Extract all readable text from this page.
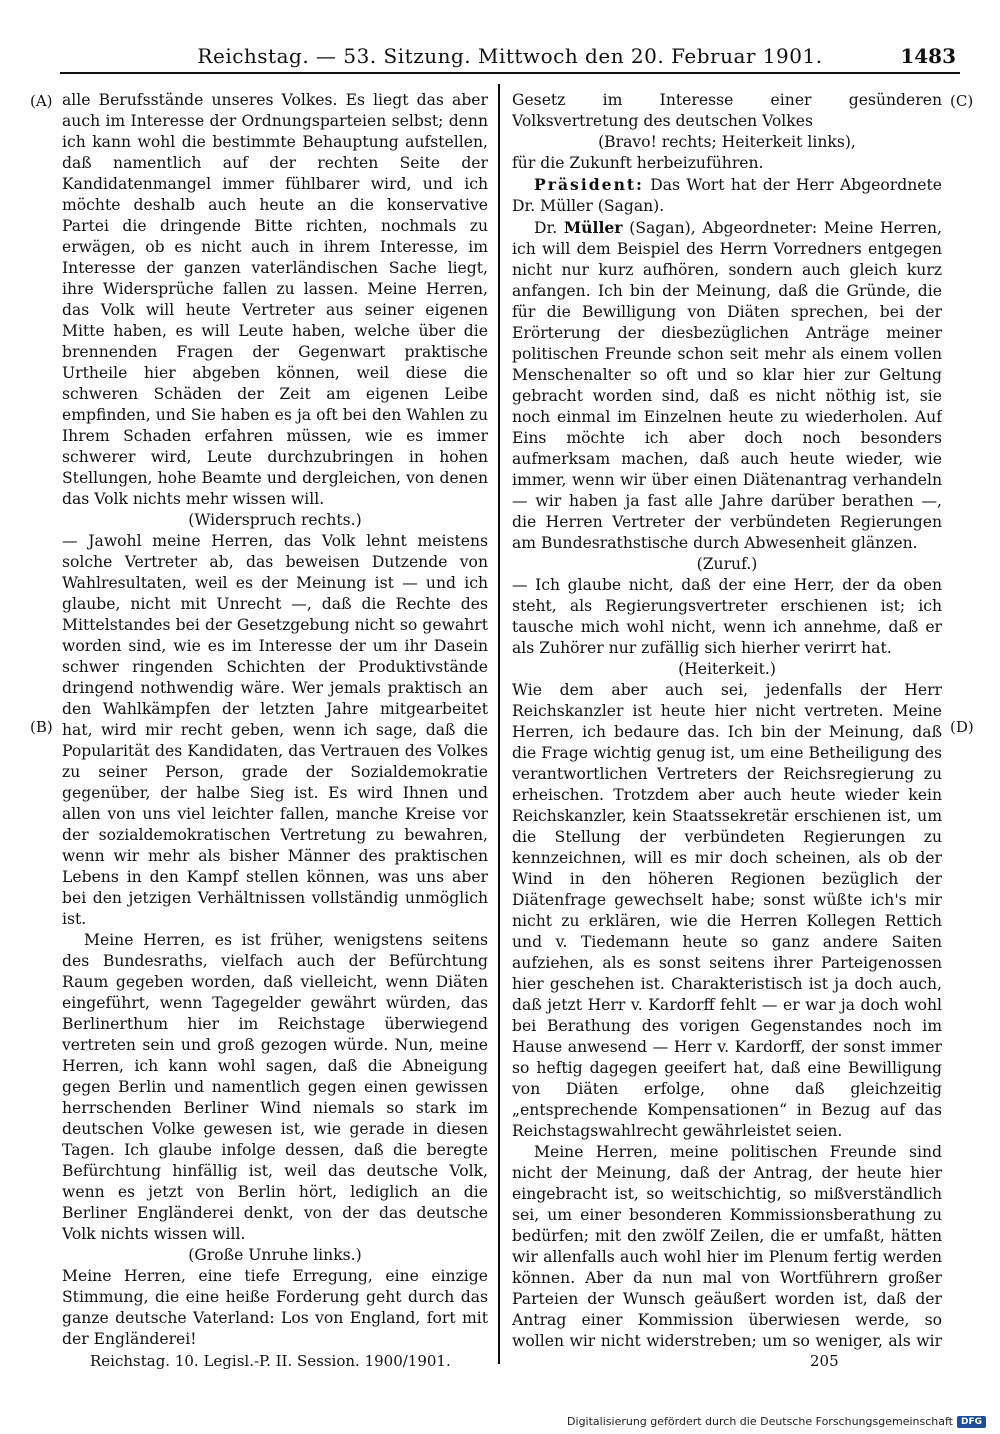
Reichstag. — 53. Sitzung. Mittwoch den 20. Februar 1901.	1483
(A)
(B)
(C)
(D)

alle Berufsstände unseres Volkes. Es liegt das aber auch im Interesse der Ordnungsparteien selbst; denn ich kann wohl die bestimmte Behauptung aufstellen, daß namentlich auf der rechten Seite der Kandidatenmangel immer fühlbarer wird, und ich möchte deshalb auch heute an die konservative Partei die dringende Bitte richten, nochmals zu erwägen, ob es nicht auch in ihrem Interesse, im Interesse der ganzen vaterländischen Sache liegt, ihre Widersprüche fallen zu lassen. Meine Herren, das Volk will heute Vertreter aus seiner eigenen Mitte haben, es will Leute haben, welche über die brennenden Fragen der Gegenwart praktische Urtheile hier abgeben können, weil diese die schweren Schäden der Zeit am eigenen Leibe empfinden, und Sie haben es ja oft bei den Wahlen zu Ihrem Schaden erfahren müssen, wie es immer schwerer wird, Leute durchzubringen in hohen Stellungen, hohe Beamte und dergleichen, von denen das Volk nichts mehr wissen will.

(Widerspruch rechts.)

— Jawohl meine Herren, das Volk lehnt meistens solche Vertreter ab, das beweisen Dutzende von Wahlresultaten, weil es der Meinung ist — und ich glaube, nicht mit Unrecht —, daß die Rechte des Mittelstandes bei der Gesetzgebung nicht so gewahrt worden sind, wie es im Interesse der um ihr Dasein schwer ringenden Schichten der Produktivstände dringend nothwendig wäre. Wer jemals praktisch an den Wahlkämpfen der letzten Jahre mitgearbeitet hat, wird mir recht geben, wenn ich sage, daß die Popularität des Kandidaten, das Vertrauen des Volkes zu seiner Person, grade der Sozialdemokratie gegenüber, der halbe Sieg ist. Es wird Ihnen und allen von uns viel leichter fallen, manche Kreise vor der sozialdemokratischen Vertretung zu bewahren, wenn wir mehr als bisher Männer des praktischen Lebens in den Kampf stellen können, was uns aber bei den jetzigen Verhältnissen vollständig unmöglich ist.

Meine Herren, es ist früher, wenigstens seitens des Bundesraths, vielfach auch der Befürchtung Raum gegeben worden, daß vielleicht, wenn Diäten eingeführt, wenn Tagegelder gewährt würden, das Berlinerthum hier im Reichstage überwiegend vertreten sein und groß gezogen würde. Nun, meine Herren, ich kann wohl sagen, daß die Abneigung gegen Berlin und namentlich gegen einen gewissen herrschenden Berliner Wind niemals so stark im deutschen Volke gewesen ist, wie gerade in diesen Tagen. Ich glaube infolge dessen, daß die beregte Befürchtung hinfällig ist, weil das deutsche Volk, wenn es jetzt von Berlin hört, lediglich an die Berliner Engländerei denkt, von der das deutsche Volk nichts wissen will.

(Große Unruhe links.)

Meine Herren, eine tiefe Erregung, eine einzige Stimmung, die eine heiße Forderung geht durch das ganze deutsche Vaterland: Los von England, fort mit der Engländerei!

Gesetz im Interesse einer gesünderen Volksvertretung des deutschen Volkes

(Bravo! rechts; Heiterkeit links),

für die Zukunft herbeizuführen.

Präsident: Das Wort hat der Herr Abgeordnete Dr. Müller (Sagan).

Dr. Müller (Sagan), Abgeordneter: Meine Herren, ich will dem Beispiel des Herrn Vorredners entgegen nicht nur kurz aufhören, sondern auch gleich kurz anfangen. Ich bin der Meinung, daß die Gründe, die für die Bewilligung von Diäten sprechen, bei der Erörterung der diesbezüglichen Anträge meiner politischen Freunde schon seit mehr als einem vollen Menschenalter so oft und so klar hier zur Geltung gebracht worden sind, daß es nicht nöthig ist, sie noch einmal im Einzelnen heute zu wiederholen. Auf Eins möchte ich aber doch noch besonders aufmerksam machen, daß auch heute wieder, wie immer, wenn wir über einen Diätenantrag verhandeln — wir haben ja fast alle Jahre darüber berathen —, die Herren Vertreter der verbündeten Regierungen am Bundesrathstische durch Abwesenheit glänzen.

(Zuruf.)

— Ich glaube nicht, daß der eine Herr, der da oben steht, als Regierungsvertreter erschienen ist; ich tausche mich wohl nicht, wenn ich annehme, daß er als Zuhörer nur zufällig sich hierher verirrt hat.

(Heiterkeit.)

Wie dem aber auch sei, jedenfalls der Herr Reichskanzler ist heute hier nicht vertreten. Meine Herren, ich bedaure das. Ich bin der Meinung, daß die Frage wichtig genug ist, um eine Betheiligung des verantwortlichen Vertreters der Reichsregierung zu erheischen. Trotzdem aber auch heute wieder kein Reichskanzler, kein Staatssekretär erschienen ist, um die Stellung der verbündeten Regierungen zu kennzeichnen, will es mir doch scheinen, als ob der Wind in den höheren Regionen bezüglich der Diätenfrage gewechselt habe; sonst wüßte ich's mir nicht zu erklären, wie die Herren Kollegen Rettich und v. Tiedemann heute so ganz andere Saiten aufziehen, als es sonst seitens ihrer Parteigenossen hier geschehen ist. Charakteristisch ist ja doch auch, daß jetzt Herr v. Kardorff fehlt — er war ja doch wohl bei Berathung des vorigen Gegenstandes noch im Hause anwesend — Herr v. Kardorff, der sonst immer so heftig dagegen geeifert hat, daß eine Bewilligung von Diäten erfolge, ohne daß gleichzeitig „entsprechende Kompensationen“ in Bezug auf das Reichstagswahlrecht gewährleistet seien.

Meine Herren, meine politischen Freunde sind nicht der Meinung, daß der Antrag, der heute hier eingebracht ist, so weitschichtig, so mißverständlich sei, um einer besonderen Kommissionsberathung zu bedürfen; mit den zwölf Zeilen, die er umfaßt, hätten wir allenfalls auch wohl hier im Plenum fertig werden können. Aber da nun mal von Wortführern großer Parteien der Wunsch geäußert worden ist, daß der Antrag einer Kommission überwiesen werde, so wollen wir nicht widerstreben; um so weniger, als wir

Reichstag. 10. Legisl.-P. II. Session. 1900/1901.	205
Digitalisierung gefördert durch die Deutsche Forschungsgemeinschaft DFG
